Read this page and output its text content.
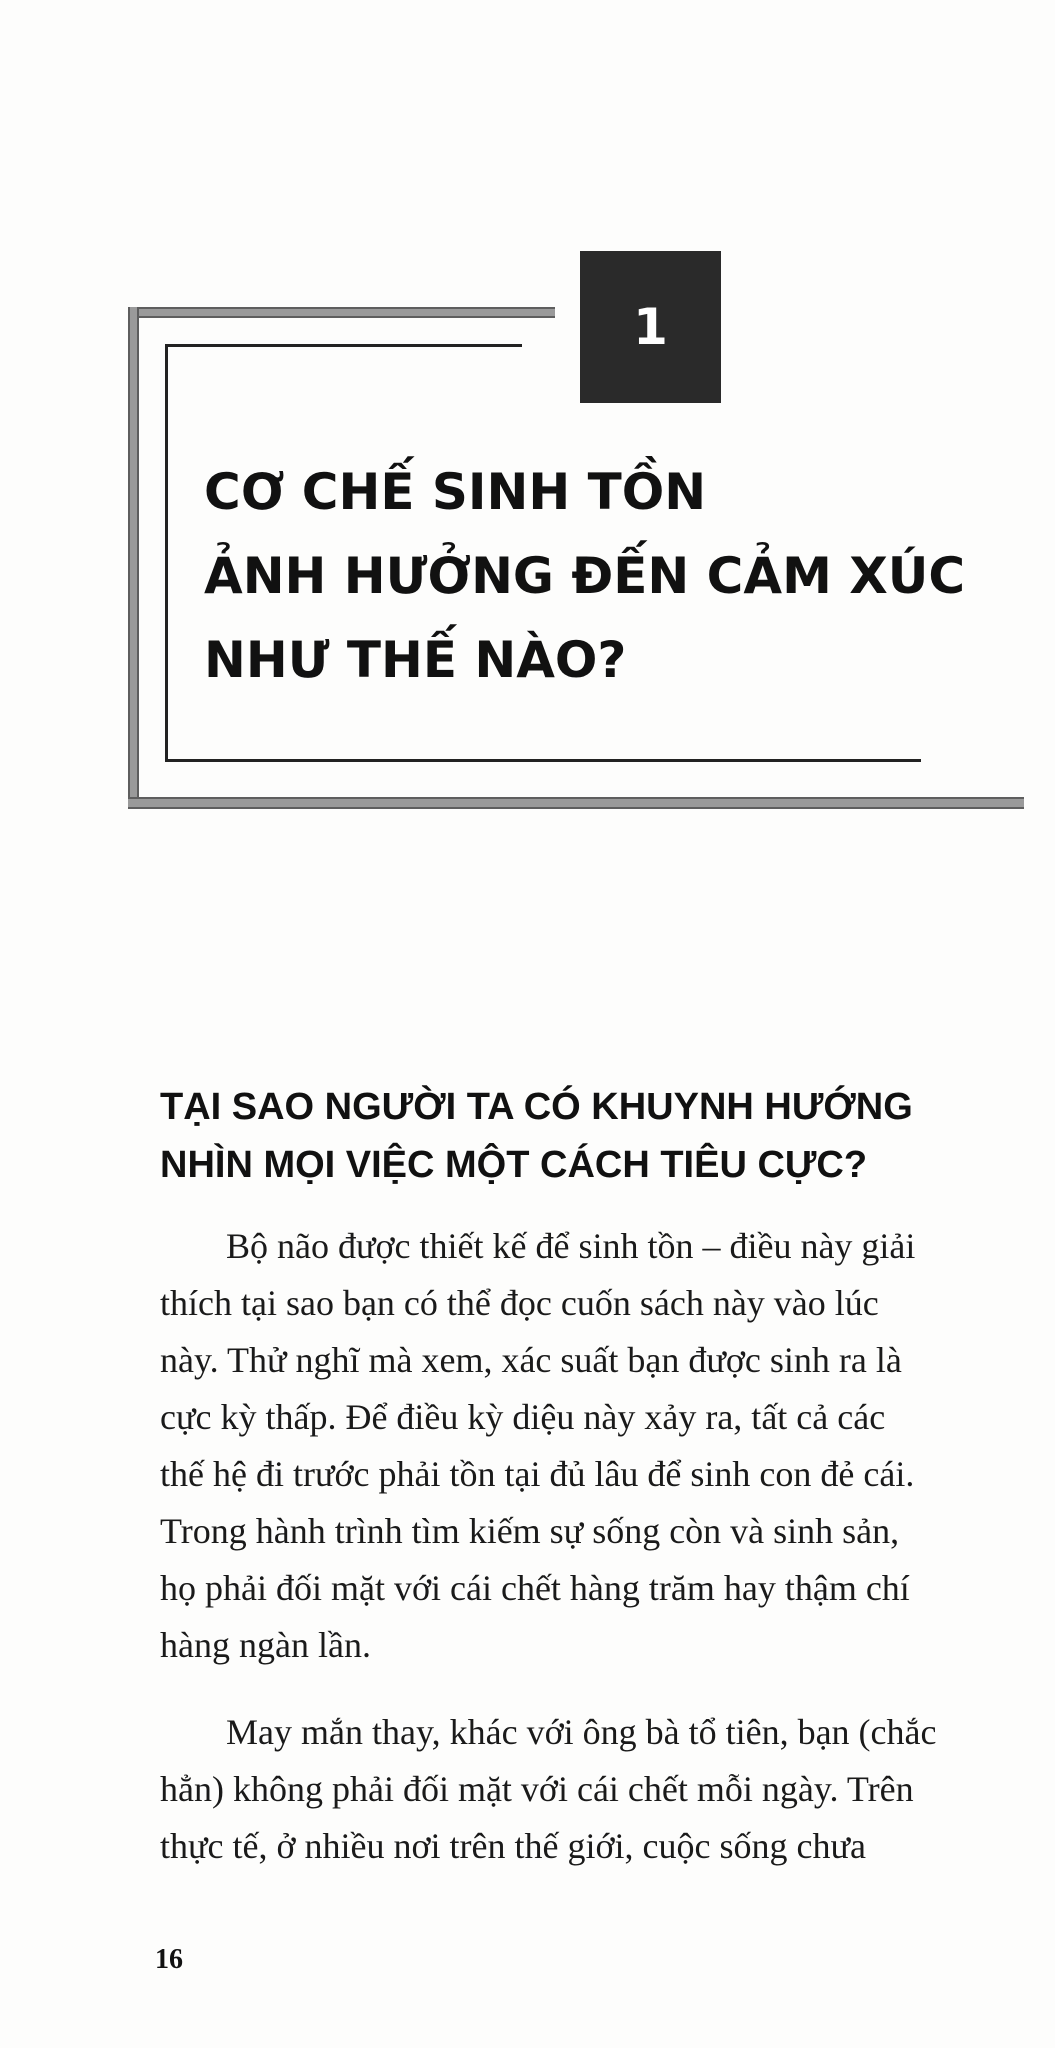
1
CƠ CHẾ SINH TỒN
ẢNH HƯỞNG ĐẾN CẢM XÚC
NHƯ THẾ NÀO?
TẠI SAO NGƯỜI TA CÓ KHUYNH HƯỚNG
NHÌN MỌI VIỆC MỘT CÁCH TIÊU CỰC?

Bộ não được thiết kế để sinh tồn – điều này giải
thích tại sao bạn có thể đọc cuốn sách này vào lúc
này. Thử nghĩ mà xem, xác suất bạn được sinh ra là
cực kỳ thấp. Để điều kỳ diệu này xảy ra, tất cả các
thế hệ đi trước phải tồn tại đủ lâu để sinh con đẻ cái.
Trong hành trình tìm kiếm sự sống còn và sinh sản,
họ phải đối mặt với cái chết hàng trăm hay thậm chí
hàng ngàn lần.

May mắn thay, khác với ông bà tổ tiên, bạn (chắc
hẳn) không phải đối mặt với cái chết mỗi ngày. Trên
thực tế, ở nhiều nơi trên thế giới, cuộc sống chưa

16
